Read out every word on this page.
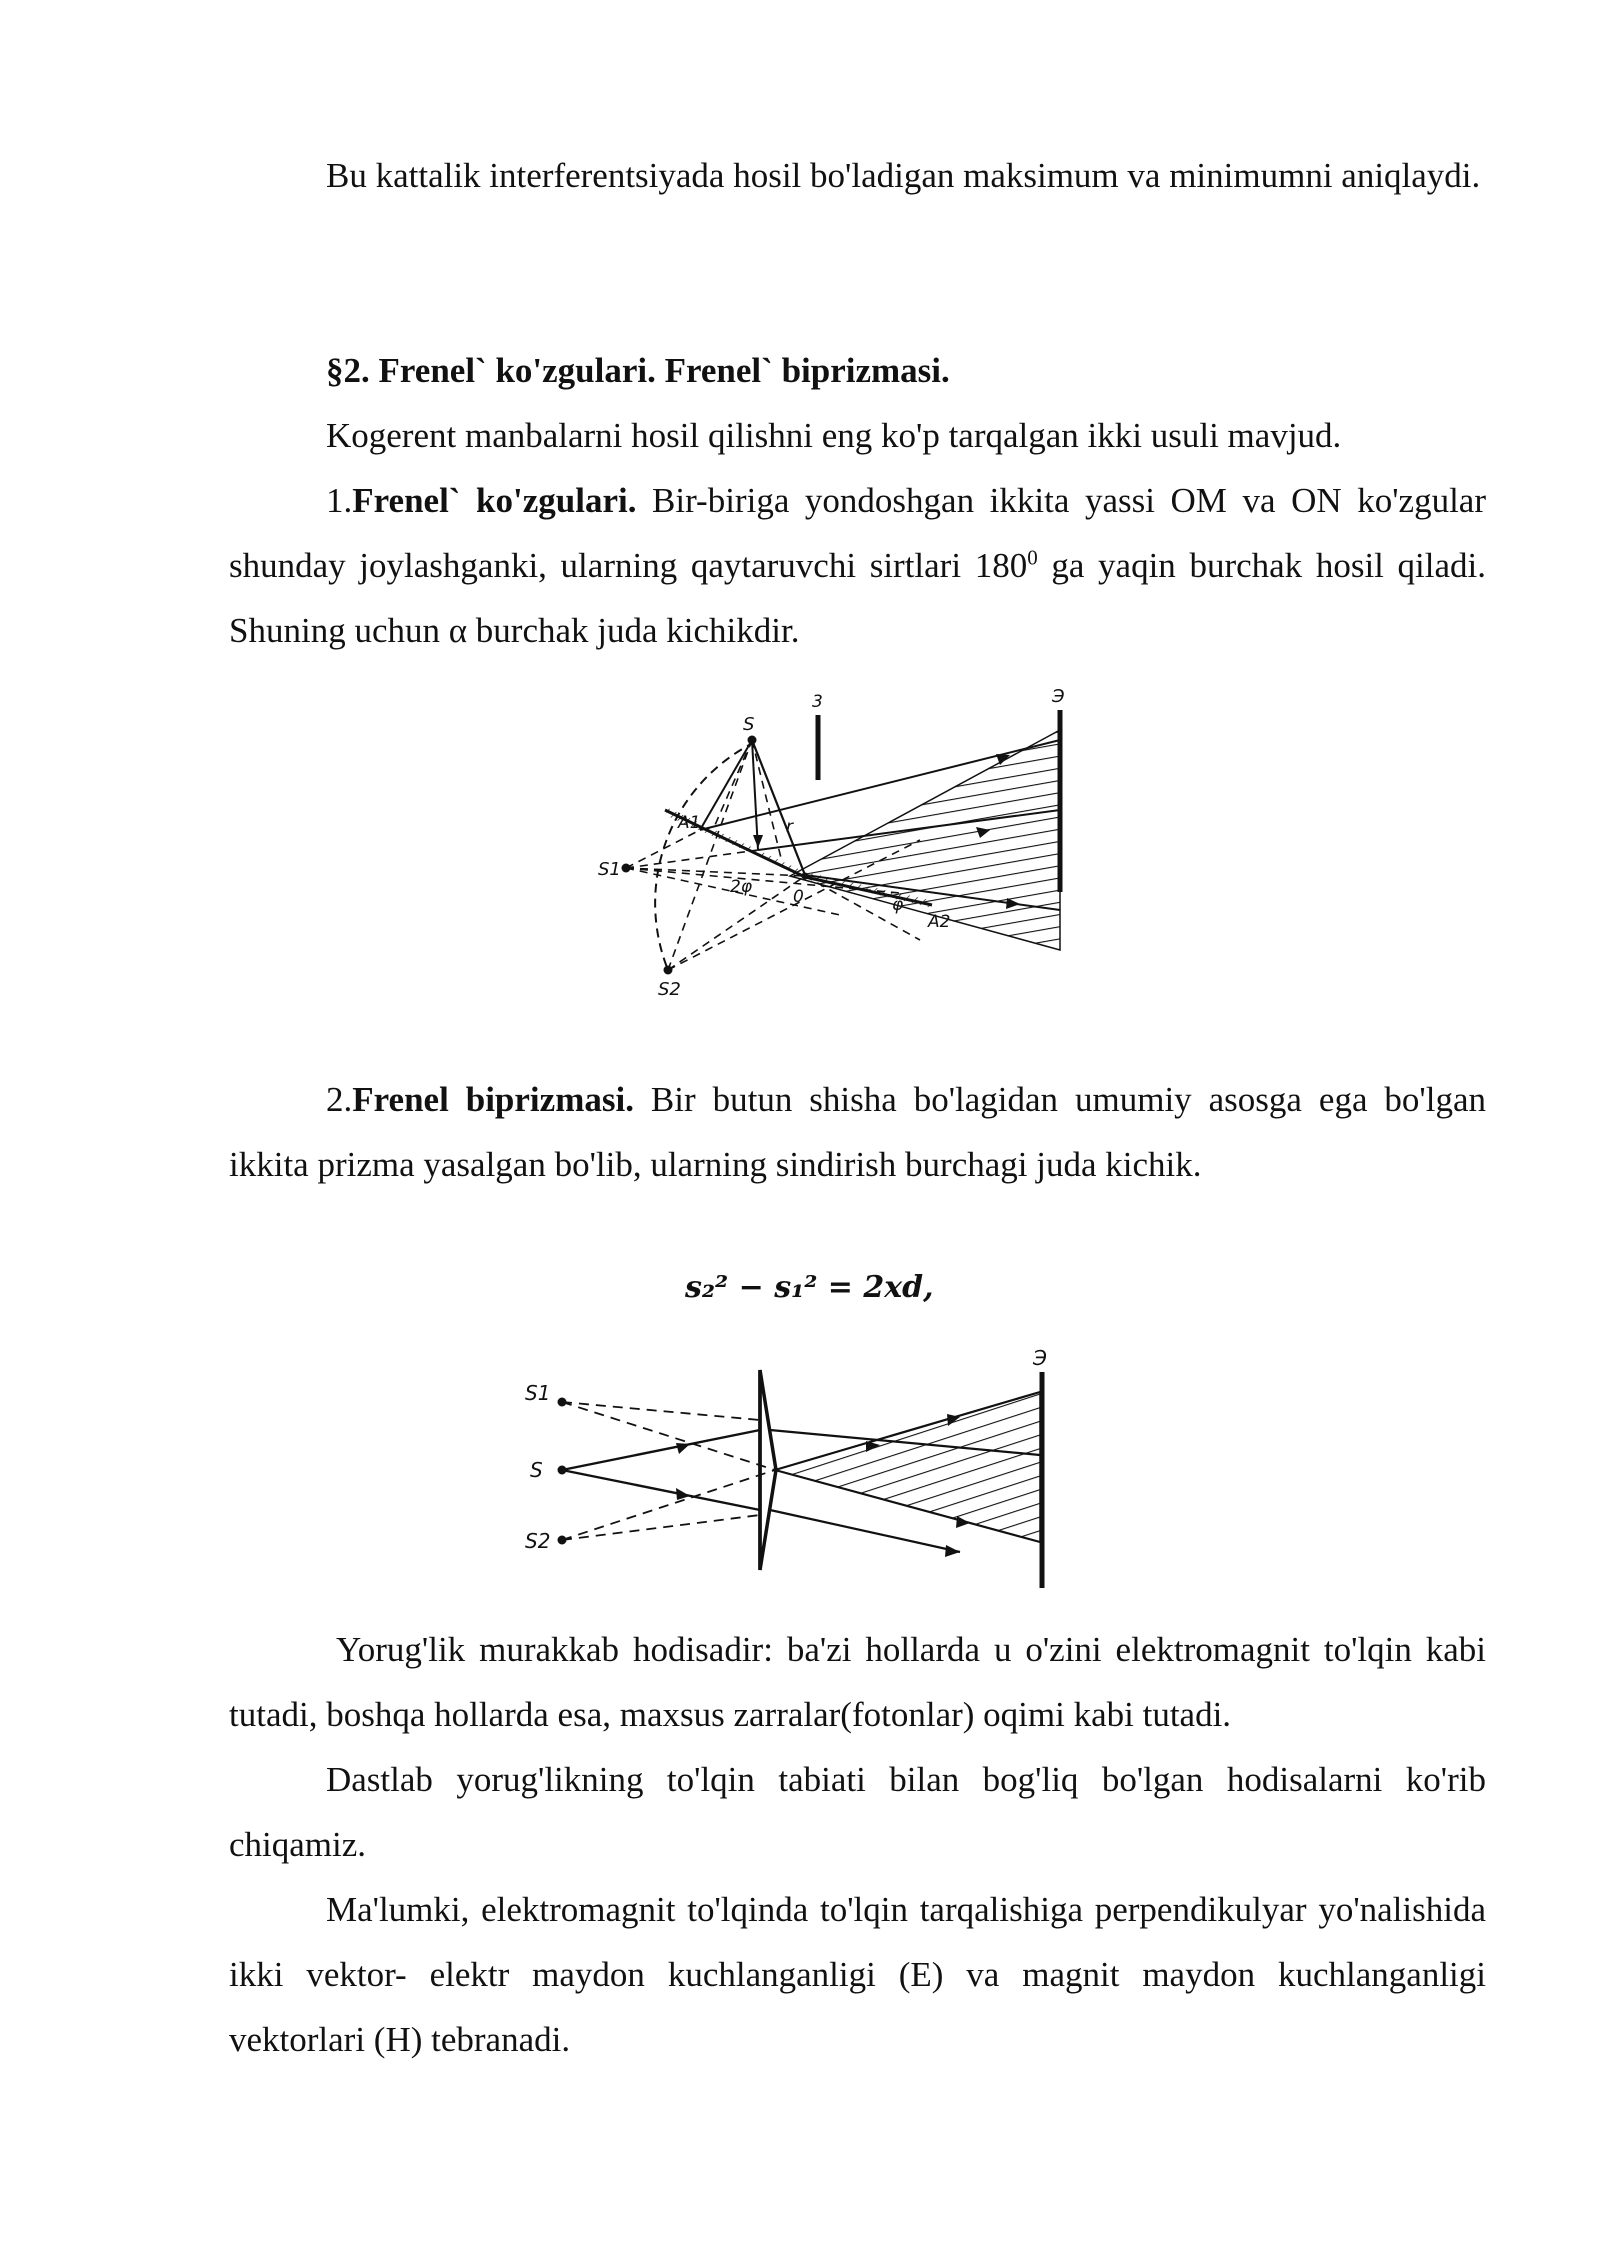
Bu kattalik interferentsiyada hosil bo'ladigan maksimum va minimumni aniqlaydi.

§2. Frenel` ko'zgulari. Frenel` biprizmasi.

Kogerent manbalarni hosil qilishni eng ko'p tarqalgan ikki usuli mavjud.

1.Frenel` ko'zgulari. Bir-biriga yondoshgan ikkita yassi OM va ON ko'zgular shunday joylashganki, ularning qaytaruvchi sirtlari $180^0$ ga yaqin burchak hosil qiladi. Shuning uchun α burchak juda kichikdir.

S
3	Э
S1
S2
A1
A2
0
r
2φ
φ

2.Frenel biprizmasi. Bir butun shisha bo'lagidan umumiy asosga ega bo'lgan ikkita prizma yasalgan bo'lib, ularning sindirish burchagi juda kichik.

s₂² − s₁² = 2xd,
S1
S
S2
Э

Yorug'lik murakkab hodisadir: ba'zi hollarda u o'zini elektromagnit to'lqin kabi tutadi, boshqa hollarda esa, maxsus zarralar(fotonlar) oqimi kabi tutadi.

Dastlab yorug'likning to'lqin tabiati bilan bog'liq bo'lgan hodisalarni ko'rib chiqamiz.

Ma'lumki, elektromagnit to'lqinda to'lqin tarqalishiga perpendikulyar yo'nalishida ikki vektor- elektr maydon kuchlanganligi (E) va magnit maydon kuchlanganligi vektorlari (H) tebranadi.
